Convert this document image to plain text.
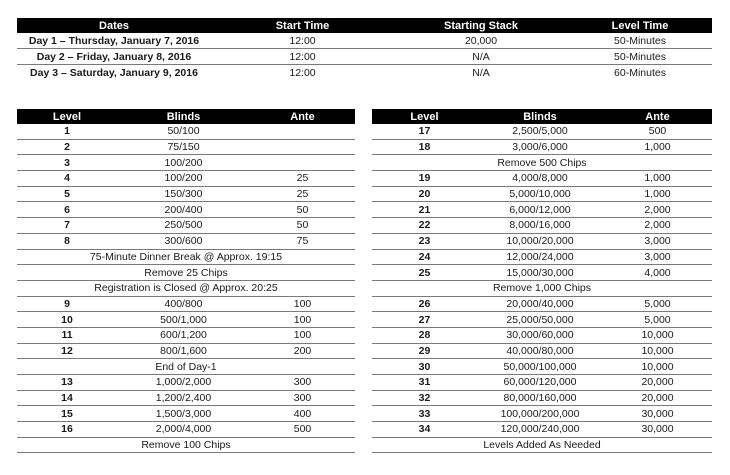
Dates	Start Time	Starting Stack	Level Time
Day 1 – Thursday, January 7, 2016	12:00	20,000	50-Minutes
Day 2 – Friday, January 8, 2016	12:00	N/A	50-Minutes
Day 3 – Saturday, January 9, 2016	12:00	N/A	60-Minutes
Level	Blinds	Ante
1	50/100	
2	75/150	
3	100/200	
4	100/200	25
5	150/300	25
6	200/400	50
7	250/500	50
8	300/600	75
75-Minute Dinner Break @ Approx. 19:15		
Remove 25 Chips		
Registration is Closed @ Approx. 20:25		
9	400/800	100
10	500/1,000	100
11	600/1,200	100
12	800/1,600	200
End of Day-1		
13	1,000/2,000	300
14	1,200/2,400	300
15	1,500/3,000	400
16	2,000/4,000	500
Remove 100 Chips		
Level	Blinds	Ante
17	2,500/5,000	500
18	3,000/6,000	1,000
Remove 500 Chips		
19	4,000/8,000	1,000
20	5,000/10,000	1,000
21	6,000/12,000	2,000
22	8,000/16,000	2,000
23	10,000/20,000	3,000
24	12,000/24,000	3,000
25	15,000/30,000	4,000
Remove 1,000 Chips		
26	20,000/40,000	5,000
27	25,000/50,000	5,000
28	30,000/60,000	10,000
29	40,000/80,000	10,000
30	50,000/100,000	10,000
31	60,000/120,000	20,000
32	80,000/160,000	20,000
33	100,000/200,000	30,000
34	120,000/240,000	30,000
Levels Added As Needed		
